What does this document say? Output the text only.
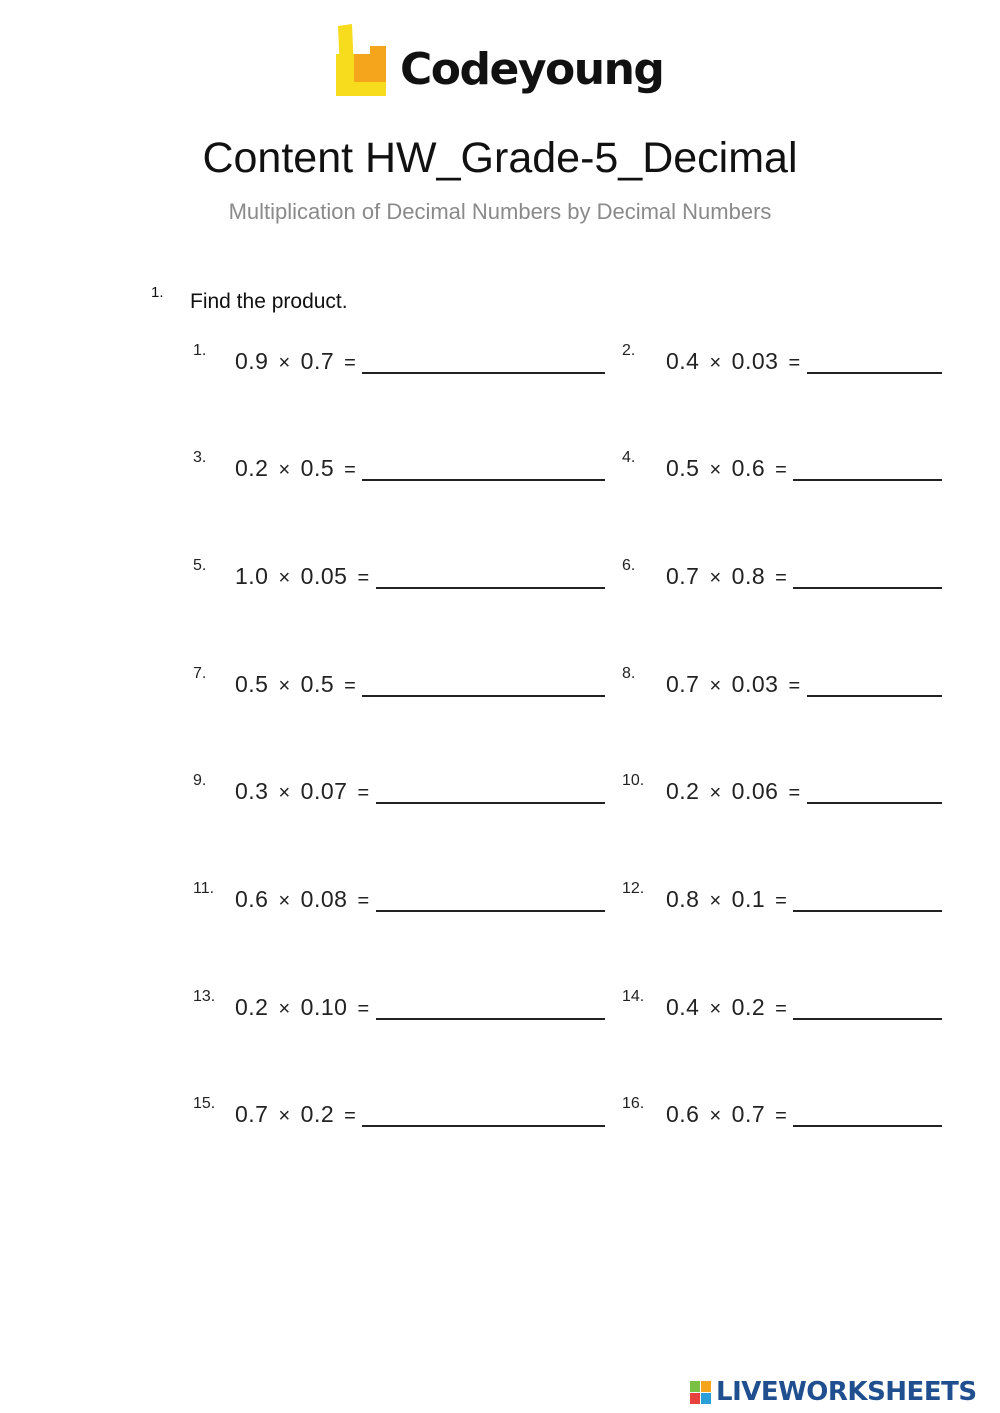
Codeyoung
Content HW_Grade-5_Decimal
Multiplication of Decimal Numbers by Decimal Numbers
1. Find the product.
1. 0.9 × 0.7 =
2. 0.4 × 0.03 =
3. 0.2 × 0.5 =
4. 0.5 × 0.6 =
5. 1.0 × 0.05 =
6. 0.7 × 0.8 =
7. 0.5 × 0.5 =
8. 0.7 × 0.03 =
9. 0.3 × 0.07 =
10. 0.2 × 0.06 =
11. 0.6 × 0.08 =
12. 0.8 × 0.1 =
13. 0.2 × 0.10 =
14. 0.4 × 0.2 =
15. 0.7 × 0.2 =
16. 0.6 × 0.7 =
LIVEWORKSHEETS
